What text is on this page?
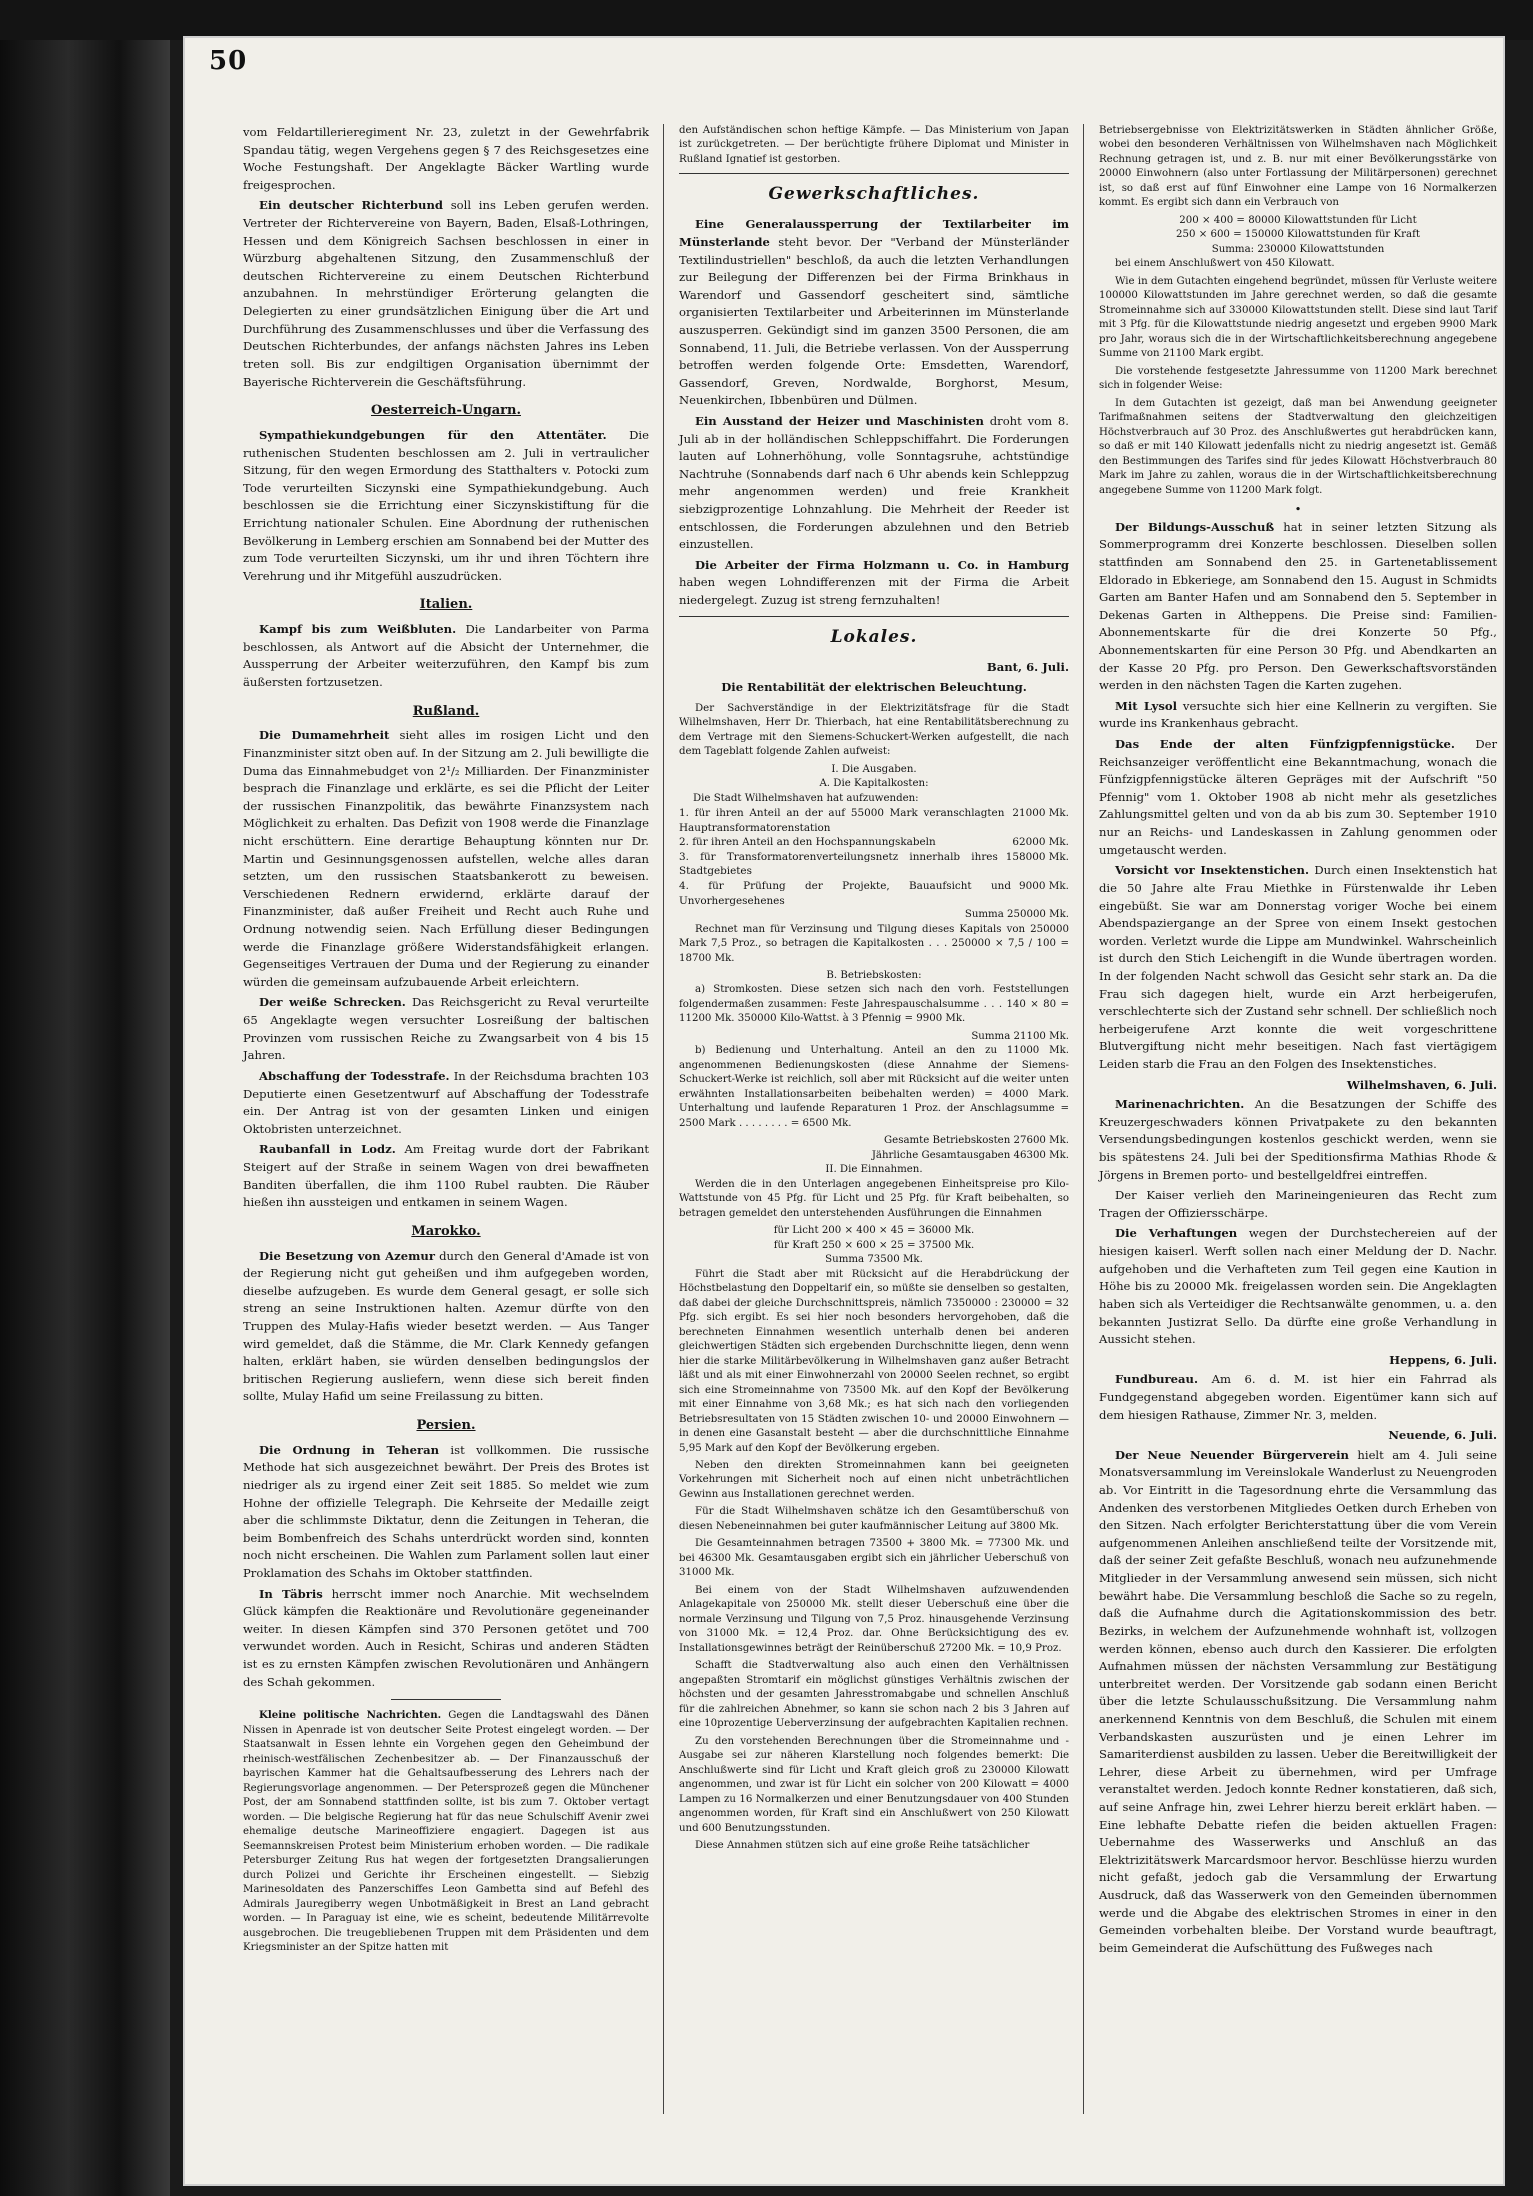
50

vom Feldartillerieregiment Nr. 23, zuletzt in der Gewehrfabrik Spandau tätig, wegen Vergehens gegen § 7 des Reichsgesetzes eine Woche Festungshaft. Der Angeklagte Bäcker Wartling wurde freigesprochen.

Ein deutscher Richterbund soll ins Leben gerufen werden. Vertreter der Richtervereine von Bayern, Baden, Elsaß-Lothringen, Hessen und dem Königreich Sachsen beschlossen in einer in Würzburg abgehaltenen Sitzung, den Zusammenschluß der deutschen Richtervereine zu einem Deutschen Richterbund anzubahnen. In mehrstündiger Erörterung gelangten die Delegierten zu einer grundsätzlichen Einigung über die Art und Durchführung des Zusammenschlusses und über die Verfassung des Deutschen Richterbundes, der anfangs nächsten Jahres ins Leben treten soll. Bis zur endgiltigen Organisation übernimmt der Bayerische Richterverein die Geschäftsführung.

Oesterreich-Ungarn.

Sympathiekundgebungen für den Attentäter. Die ruthenischen Studenten beschlossen am 2. Juli in vertraulicher Sitzung, für den wegen Ermordung des Statthalters v. Potocki zum Tode verurteilten Siczynski eine Sympathiekundgebung. Auch beschlossen sie die Errichtung einer Siczynskistiftung für die Errichtung nationaler Schulen. Eine Abordnung der ruthenischen Bevölkerung in Lemberg erschien am Sonnabend bei der Mutter des zum Tode verurteilten Siczynski, um ihr und ihren Töchtern ihre Verehrung und ihr Mitgefühl auszudrücken.

Italien.

Kampf bis zum Weißbluten. Die Landarbeiter von Parma beschlossen, als Antwort auf die Absicht der Unternehmer, die Aussperrung der Arbeiter weiterzuführen, den Kampf bis zum äußersten fortzusetzen.

Rußland.

Die Dumamehrheit sieht alles im rosigen Licht und den Finanzminister sitzt oben auf. In der Sitzung am 2. Juli bewilligte die Duma das Einnahmebudget von 2¹/₂ Milliarden. Der Finanzminister besprach die Finanzlage und erklärte, es sei die Pflicht der Leiter der russischen Finanzpolitik, das bewährte Finanzsystem nach Möglichkeit zu erhalten. Das Defizit von 1908 werde die Finanzlage nicht erschüttern. Eine derartige Behauptung könnten nur Dr. Martin und Gesinnungsgenossen aufstellen, welche alles daran setzten, um den russischen Staatsbankerott zu beweisen. Verschiedenen Rednern erwidernd, erklärte darauf der Finanzminister, daß außer Freiheit und Recht auch Ruhe und Ordnung notwendig seien. Nach Erfüllung dieser Bedingungen werde die Finanzlage größere Widerstandsfähigkeit erlangen. Gegenseitiges Vertrauen der Duma und der Regierung zu einander würden die gemeinsam aufzubauende Arbeit erleichtern.

Der weiße Schrecken. Das Reichsgericht zu Reval verurteilte 65 Angeklagte wegen versuchter Losreißung der baltischen Provinzen vom russischen Reiche zu Zwangsarbeit von 4 bis 15 Jahren.

Abschaffung der Todesstrafe. In der Reichsduma brachten 103 Deputierte einen Gesetzentwurf auf Abschaffung der Todesstrafe ein. Der Antrag ist von der gesamten Linken und einigen Oktobristen unterzeichnet.

Raubanfall in Lodz. Am Freitag wurde dort der Fabrikant Steigert auf der Straße in seinem Wagen von drei bewaffneten Banditen überfallen, die ihm 1100 Rubel raubten. Die Räuber hießen ihn aussteigen und entkamen in seinem Wagen.

Marokko.

Die Besetzung von Azemur durch den General d'Amade ist von der Regierung nicht gut geheißen und ihm aufgegeben worden, dieselbe aufzugeben. Es wurde dem General gesagt, er solle sich streng an seine Instruktionen halten. Azemur dürfte von den Truppen des Mulay-Hafis wieder besetzt werden. — Aus Tanger wird gemeldet, daß die Stämme, die Mr. Clark Kennedy gefangen halten, erklärt haben, sie würden denselben bedingungslos der britischen Regierung ausliefern, wenn diese sich bereit finden sollte, Mulay Hafid um seine Freilassung zu bitten.

Persien.

Die Ordnung in Teheran ist vollkommen. Die russische Methode hat sich ausgezeichnet bewährt. Der Preis des Brotes ist niedriger als zu irgend einer Zeit seit 1885. So meldet wie zum Hohne der offizielle Telegraph. Die Kehrseite der Medaille zeigt aber die schlimmste Diktatur, denn die Zeitungen in Teheran, die beim Bombenfreich des Schahs unterdrückt worden sind, konnten noch nicht erscheinen. Die Wahlen zum Parlament sollen laut einer Proklamation des Schahs im Oktober stattfinden.

In Täbris herrscht immer noch Anarchie. Mit wechselndem Glück kämpfen die Reaktionäre und Revolutionäre gegeneinander weiter. In diesen Kämpfen sind 370 Personen getötet und 700 verwundet worden. Auch in Resicht, Schiras und anderen Städten ist es zu ernsten Kämpfen zwischen Revolutionären und Anhängern des Schah gekommen.

Kleine politische Nachrichten. Gegen die Landtagswahl des Dänen Nissen in Apenrade ist von deutscher Seite Protest eingelegt worden. — Der Staatsanwalt in Essen lehnte ein Vorgehen gegen den Geheimbund der rheinisch-westfälischen Zechenbesitzer ab. — Der Finanzausschuß der bayrischen Kammer hat die Gehaltsaufbesserung des Lehrers nach der Regierungsvorlage angenommen. — Der Petersprozeß gegen die Münchener Post, der am Sonnabend stattfinden sollte, ist bis zum 7. Oktober vertagt worden. — Die belgische Regierung hat für das neue Schulschiff Avenir zwei ehemalige deutsche Marineoffiziere engagiert. Dagegen ist aus Seemannskreisen Protest beim Ministerium erhoben worden. — Die radikale Petersburger Zeitung Rus hat wegen der fortgesetzten Drangsalierungen durch Polizei und Gerichte ihr Erscheinen eingestellt. — Siebzig Marinesoldaten des Panzerschiffes Leon Gambetta sind auf Befehl des Admirals Jauregiberry wegen Unbotmäßigkeit in Brest an Land gebracht worden. — In Paraguay ist eine, wie es scheint, bedeutende Militärrevolte ausgebrochen. Die treugebliebenen Truppen mit dem Präsidenten und dem Kriegsminister an der Spitze hatten mit

den Aufständischen schon heftige Kämpfe. — Das Ministerium von Japan ist zurückgetreten. — Der berüchtigte frühere Diplomat und Minister in Rußland Ignatief ist gestorben.

Gewerkschaftliches.

Eine Generalaussperrung der Textilarbeiter im Münsterlande steht bevor. Der "Verband der Münsterländer Textilindustriellen" beschloß, da auch die letzten Verhandlungen zur Beilegung der Differenzen bei der Firma Brinkhaus in Warendorf und Gassendorf gescheitert sind, sämtliche organisierten Textilarbeiter und Arbeiterinnen im Münsterlande auszusperren. Gekündigt sind im ganzen 3500 Personen, die am Sonnabend, 11. Juli, die Betriebe verlassen. Von der Aussperrung betroffen werden folgende Orte: Emsdetten, Warendorf, Gassendorf, Greven, Nordwalde, Borghorst, Mesum, Neuenkirchen, Ibbenbüren und Dülmen.

Ein Ausstand der Heizer und Maschinisten droht vom 8. Juli ab in der holländischen Schleppschiffahrt. Die Forderungen lauten auf Lohnerhöhung, volle Sonntagsruhe, achtstündige Nachtruhe (Sonnabends darf nach 6 Uhr abends kein Schleppzug mehr angenommen werden) und freie Krankheit siebzigprozentige Lohnzahlung. Die Mehrheit der Reeder ist entschlossen, die Forderungen abzulehnen und den Betrieb einzustellen.

Die Arbeiter der Firma Holzmann u. Co. in Hamburg haben wegen Lohndifferenzen mit der Firma die Arbeit niedergelegt. Zuzug ist streng fernzuhalten!

Lokales.
Bant, 6. Juli.
Die Rentabilität der elektrischen Beleuchtung.

Der Sachverständige in der Elektrizitätsfrage für die Stadt Wilhelmshaven, Herr Dr. Thierbach, hat eine Rentabilitätsberechnung zu dem Vertrage mit den Siemens-Schuckert-Werken aufgestellt, die nach dem Tageblatt folgende Zahlen aufweist:

I. Die Ausgaben.
A. Die Kapitalkosten:
Die Stadt Wilhelmshaven hat aufzuwenden:
1. für ihren Anteil an der auf 55000 Mark veranschlagten Hauptransformatorenstation
21000 Mk.
2. für ihren Anteil an den Hochspannungskabeln	62000 Mk.
3. für Transformatorenverteilungsnetz innerhalb ihres Stadtgebietes
158000 Mk.
4. für Prüfung der Projekte, Bauaufsicht und Unvorhergesehenes
9000 Mk.
Summa 250000 Mk.

Rechnet man für Verzinsung und Tilgung dieses Kapitals von 250000 Mark 7,5 Proz., so betragen die Kapitalkosten . . . 250000 × 7,5 / 100 = 18700 Mk.

B. Betriebskosten:

a) Stromkosten. Diese setzen sich nach den vorh. Feststellungen folgendermaßen zusammen: Feste Jahrespauschalsumme . . . 140 × 80 = 11200 Mk. 350000 Kilo-Wattst. à 3 Pfennig = 9900 Mk.

Summa 21100 Mk.

b) Bedienung und Unterhaltung. Anteil an den zu 11000 Mk. angenommenen Bedienungskosten (diese Annahme der Siemens-Schuckert-Werke ist reichlich, soll aber mit Rücksicht auf die weiter unten erwähnten Installationsarbeiten beibehalten werden) = 4000 Mark. Unterhaltung und laufende Reparaturen 1 Proz. der Anschlagsumme = 2500 Mark . . . . . . . . = 6500 Mk.

Gesamte Betriebskosten 27600 Mk.
Jährliche Gesamtausgaben 46300 Mk.
II. Die Einnahmen.

Werden die in den Unterlagen angegebenen Einheitspreise pro Kilo-Wattstunde von 45 Pfg. für Licht und 25 Pfg. für Kraft beibehalten, so betragen gemeldet den unterstehenden Ausführungen die Einnahmen

für Licht 200 × 400 × 45 = 36000 Mk.
für Kraft 250 × 600 × 25 = 37500 Mk.
Summa 73500 Mk.

Führt die Stadt aber mit Rücksicht auf die Herabdrückung der Höchstbelastung den Doppeltarif ein, so müßte sie denselben so gestalten, daß dabei der gleiche Durchschnittspreis, nämlich 7350000 : 230000 = 32 Pfg. sich ergibt. Es sei hier noch besonders hervorgehoben, daß die berechneten Einnahmen wesentlich unterhalb denen bei anderen gleichwertigen Städten sich ergebenden Durchschnitte liegen, denn wenn hier die starke Militärbevölkerung in Wilhelmshaven ganz außer Betracht läßt und als mit einer Einwohnerzahl von 20000 Seelen rechnet, so ergibt sich eine Stromeinnahme von 73500 Mk. auf den Kopf der Bevölkerung mit einer Einnahme von 3,68 Mk.; es hat sich nach den vorliegenden Betriebsresultaten von 15 Städten zwischen 10- und 20000 Einwohnern — in denen eine Gasanstalt besteht — aber die durchschnittliche Einnahme 5,95 Mark auf den Kopf der Bevölkerung ergeben.

Neben den direkten Stromeinnahmen kann bei geeigneten Vorkehrungen mit Sicherheit noch auf einen nicht unbeträchtlichen Gewinn aus Installationen gerechnet werden.

Für die Stadt Wilhelmshaven schätze ich den Gesamtüberschuß von diesen Nebeneinnahmen bei guter kaufmännischer Leitung auf 3800 Mk.

Die Gesamteinnahmen betragen 73500 + 3800 Mk. = 77300 Mk. und bei 46300 Mk. Gesamtausgaben ergibt sich ein jährlicher Ueberschuß von 31000 Mk.

Bei einem von der Stadt Wilhelmshaven aufzuwendenden Anlagekapitale von 250000 Mk. stellt dieser Ueberschuß eine über die normale Verzinsung und Tilgung von 7,5 Proz. hinausgehende Verzinsung von 31000 Mk. = 12,4 Proz. dar. Ohne Berücksichtigung des ev. Installationsgewinnes beträgt der Reinüberschuß 27200 Mk. = 10,9 Proz.

Schafft die Stadtverwaltung also auch einen den Verhältnissen angepaßten Stromtarif ein möglichst günstiges Verhältnis zwischen der höchsten und der gesamten Jahresstromabgabe und schnellen Anschluß für die zahlreichen Abnehmer, so kann sie schon nach 2 bis 3 Jahren auf eine 10prozentige Ueberverzinsung der aufgebrachten Kapitalien rechnen.

Zu den vorstehenden Berechnungen über die Stromeinnahme und -Ausgabe sei zur näheren Klarstellung noch folgendes bemerkt: Die Anschlußwerte sind für Licht und Kraft gleich groß zu 230000 Kilowatt angenommen, und zwar ist für Licht ein solcher von 200 Kilowatt = 4000 Lampen zu 16 Normalkerzen und einer Benutzungsdauer von 400 Stunden angenommen worden, für Kraft sind ein Anschlußwert von 250 Kilowatt und 600 Benutzungsstunden.

Diese Annahmen stützen sich auf eine große Reihe tatsächlicher

Betriebsergebnisse von Elektrizitätswerken in Städten ähnlicher Größe, wobei den besonderen Verhältnissen von Wilhelmshaven nach Möglichkeit Rechnung getragen ist, und z. B. nur mit einer Bevölkerungsstärke von 20000 Einwohnern (also unter Fortlassung der Militärpersonen) gerechnet ist, so daß erst auf fünf Einwohner eine Lampe von 16 Normalkerzen kommt. Es ergibt sich dann ein Verbrauch von

200 × 400 = 80000 Kilowattstunden für Licht
250 × 600 = 150000 Kilowattstunden für Kraft
Summa: 230000 Kilowattstunden

bei einem Anschlußwert von 450 Kilowatt.

Wie in dem Gutachten eingehend begründet, müssen für Verluste weitere 100000 Kilowattstunden im Jahre gerechnet werden, so daß die gesamte Stromeinnahme sich auf 330000 Kilowattstunden stellt. Diese sind laut Tarif mit 3 Pfg. für die Kilowattstunde niedrig angesetzt und ergeben 9900 Mark pro Jahr, woraus sich die in der Wirtschaftlichkeitsberechnung angegebene Summe von 21100 Mark ergibt.

Die vorstehende festgesetzte Jahressumme von 11200 Mark berechnet sich in folgender Weise:

In dem Gutachten ist gezeigt, daß man bei Anwendung geeigneter Tarifmaßnahmen seitens der Stadtverwaltung den gleichzeitigen Höchstverbrauch auf 30 Proz. des Anschlußwertes gut herabdrücken kann, so daß er mit 140 Kilowatt jedenfalls nicht zu niedrig angesetzt ist. Gemäß den Bestimmungen des Tarifes sind für jedes Kilowatt Höchstverbrauch 80 Mark im Jahre zu zahlen, woraus die in der Wirtschaftlichkeitsberechnung angegebene Summe von 11200 Mark folgt.

•

Der Bildungs-Ausschuß hat in seiner letzten Sitzung als Sommerprogramm drei Konzerte beschlossen. Dieselben sollen stattfinden am Sonnabend den 25. in Gartenetablissement Eldorado in Ebkeriege, am Sonnabend den 15. August in Schmidts Garten am Banter Hafen und am Sonnabend den 5. September in Dekenas Garten in Altheppens. Die Preise sind: Familien-Abonnementskarte für die drei Konzerte 50 Pfg., Abonnementskarten für eine Person 30 Pfg. und Abendkarten an der Kasse 20 Pfg. pro Person. Den Gewerkschaftsvorständen werden in den nächsten Tagen die Karten zugehen.

Mit Lysol versuchte sich hier eine Kellnerin zu vergiften. Sie wurde ins Krankenhaus gebracht.

Das Ende der alten Fünfzigpfennigstücke. Der Reichsanzeiger veröffentlicht eine Bekanntmachung, wonach die Fünfzigpfennigstücke älteren Gepräges mit der Aufschrift "50 Pfennig" vom 1. Oktober 1908 ab nicht mehr als gesetzliches Zahlungsmittel gelten und von da ab bis zum 30. September 1910 nur an Reichs- und Landeskassen in Zahlung genommen oder umgetauscht werden.

Vorsicht vor Insektenstichen. Durch einen Insektenstich hat die 50 Jahre alte Frau Miethke in Fürstenwalde ihr Leben eingebüßt. Sie war am Donnerstag voriger Woche bei einem Abendspaziergange an der Spree von einem Insekt gestochen worden. Verletzt wurde die Lippe am Mundwinkel. Wahrscheinlich ist durch den Stich Leichengift in die Wunde übertragen worden. In der folgenden Nacht schwoll das Gesicht sehr stark an. Da die Frau sich dagegen hielt, wurde ein Arzt herbeigerufen, verschlechterte sich der Zustand sehr schnell. Der schließlich noch herbeigerufene Arzt konnte die weit vorgeschrittene Blutvergiftung nicht mehr beseitigen. Nach fast viertägigem Leiden starb die Frau an den Folgen des Insektenstiches.

Wilhelmshaven, 6. Juli.

Marinenachrichten. An die Besatzungen der Schiffe des Kreuzergeschwaders können Privatpakete zu den bekannten Versendungsbedingungen kostenlos geschickt werden, wenn sie bis spätestens 24. Juli bei der Speditionsfirma Mathias Rhode & Jörgens in Bremen porto- und bestellgeldfrei eintreffen.

Der Kaiser verlieh den Marineingenieuren das Recht zum Tragen der Offiziersschärpe.

Die Verhaftungen wegen der Durchstechereien auf der hiesigen kaiserl. Werft sollen nach einer Meldung der D. Nachr. aufgehoben und die Verhafteten zum Teil gegen eine Kaution in Höhe bis zu 20000 Mk. freigelassen worden sein. Die Angeklagten haben sich als Verteidiger die Rechtsanwälte genommen, u. a. den bekannten Justizrat Sello. Da dürfte eine große Verhandlung in Aussicht stehen.

Heppens, 6. Juli.

Fundbureau. Am 6. d. M. ist hier ein Fahrrad als Fundgegenstand abgegeben worden. Eigentümer kann sich auf dem hiesigen Rathause, Zimmer Nr. 3, melden.

Neuende, 6. Juli.

Der Neue Neuender Bürgerverein hielt am 4. Juli seine Monatsversammlung im Vereinslokale Wanderlust zu Neuengroden ab. Vor Eintritt in die Tagesordnung ehrte die Versammlung das Andenken des verstorbenen Mitgliedes Oetken durch Erheben von den Sitzen. Nach erfolgter Berichterstattung über die vom Verein aufgenommenen Anleihen anschließend teilte der Vorsitzende mit, daß der seiner Zeit gefaßte Beschluß, wonach neu aufzunehmende Mitglieder in der Versammlung anwesend sein müssen, sich nicht bewährt habe. Die Versammlung beschloß die Sache so zu regeln, daß die Aufnahme durch die Agitationskommission des betr. Bezirks, in welchem der Aufzunehmende wohnhaft ist, vollzogen werden können, ebenso auch durch den Kassierer. Die erfolgten Aufnahmen müssen der nächsten Versammlung zur Bestätigung unterbreitet werden. Der Vorsitzende gab sodann einen Bericht über die letzte Schulausschußsitzung. Die Versammlung nahm anerkennend Kenntnis von dem Beschluß, die Schulen mit einem Verbandskasten auszurüsten und je einen Lehrer im Samariterdienst ausbilden zu lassen. Ueber die Bereitwilligkeit der Lehrer, diese Arbeit zu übernehmen, wird per Umfrage veranstaltet werden. Jedoch konnte Redner konstatieren, daß sich, auf seine Anfrage hin, zwei Lehrer hierzu bereit erklärt haben. — Eine lebhafte Debatte riefen die beiden aktuellen Fragen: Uebernahme des Wasserwerks und Anschluß an das Elektrizitätswerk Marcardsmoor hervor. Beschlüsse hierzu wurden nicht gefaßt, jedoch gab die Versammlung der Erwartung Ausdruck, daß das Wasserwerk von den Gemeinden übernommen werde und die Abgabe des elektrischen Stromes in einer in den Gemeinden vorbehalten bleibe. Der Vorstand wurde beauftragt, beim Gemeinderat die Aufschüttung des Fußweges nach
